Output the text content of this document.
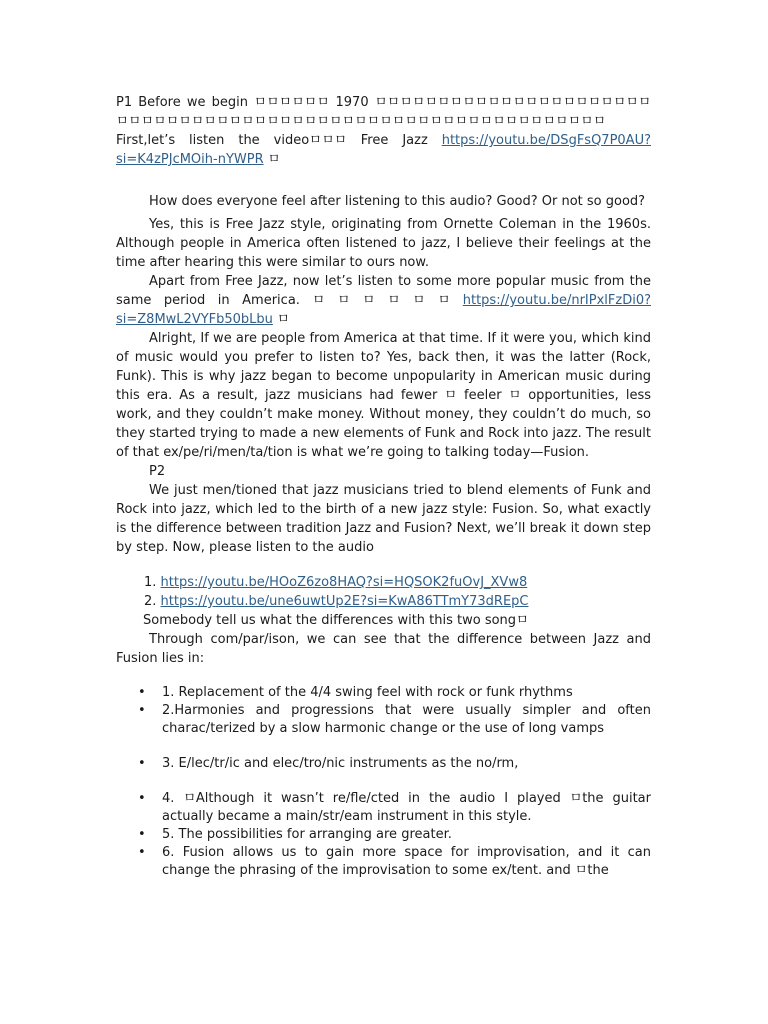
P1 Before we begin ㅁㅁㅁㅁㅁㅁ 1970 ㅁㅁㅁㅁㅁㅁㅁㅁㅁㅁㅁㅁㅁㅁㅁㅁㅁㅁㅁㅁㅁㅁㅁㅁㅁㅁㅁㅁㅁㅁㅁㅁㅁㅁㅁㅁㅁㅁㅁㅁㅁㅁㅁㅁㅁㅁㅁㅁㅁㅁㅁㅁㅁㅁㅁㅁㅁㅁㅁㅁㅁ First,let’s listen the videoㅁㅁㅁ Free Jazz https://youtu.be/DSgFsQ7P0AU?si=K4zPJcMOih-nYWPR ㅁ

How does everyone feel after listening to this audio? Good? Or not so good?

Yes, this is Free Jazz style, originating from Ornette Coleman in the 1960s. Although people in America often listened to jazz, I believe their feelings at the time after hearing this were similar to ours now.

Apart from Free Jazz, now let’s listen to some more popular music from the same period in America. ㅁ ㅁ ㅁ ㅁ ㅁ ㅁ https://youtu.be/nrIPxlFzDi0?si=Z8MwL2VYFb50bLbu ㅁ

Alright, If we are people from America at that time. If it were you, which kind of music would you prefer to listen to? Yes, back then, it was the latter (Rock, Funk). This is why jazz began to become unpopularity in American music during this era. As a result, jazz musicians had fewer ㅁ feeler ㅁ opportunities, less work, and they couldn’t make money. Without money, they couldn’t do much, so they started trying to made a new elements of Funk and Rock into jazz. The result of that ex/pe/ri/men/ta/tion is what we’re going to talking today—Fusion.

P2

We just men/tioned that jazz musicians tried to blend elements of Funk and Rock into jazz, which led to the birth of a new jazz style: Fusion. So, what exactly is the difference between tradition Jazz and Fusion? Next, we’ll break it down step by step. Now, please listen to the audio

1. https://youtu.be/HOoZ6zo8HAQ?si=HQSOK2fuOvJ_XVw8
2. https://youtu.be/une6uwtUp2E?si=KwA86TTmY73dREpC

Somebody tell us what the differences with this two songㅁ

Through com/par/ison, we can see that the difference between Jazz and Fusion lies in:

• 1. Replacement of the 4/4 swing feel with rock or funk rhythms
• 2.Harmonies and progressions that were usually simpler and often charac/terized by a slow harmonic change or the use of long vamps
• 3. E/lec/tr/ic and elec/tro/nic instruments as the no/rm,
• 4. ㅁAlthough it wasn’t re/fle/cted in the audio I played ㅁthe guitar actually became a main/str/eam instrument in this style.
• 5. The possibilities for arranging are greater.
• 6. Fusion allows us to gain more space for improvisation, and it can change the phrasing of the improvisation to some ex/tent. and ㅁthe
